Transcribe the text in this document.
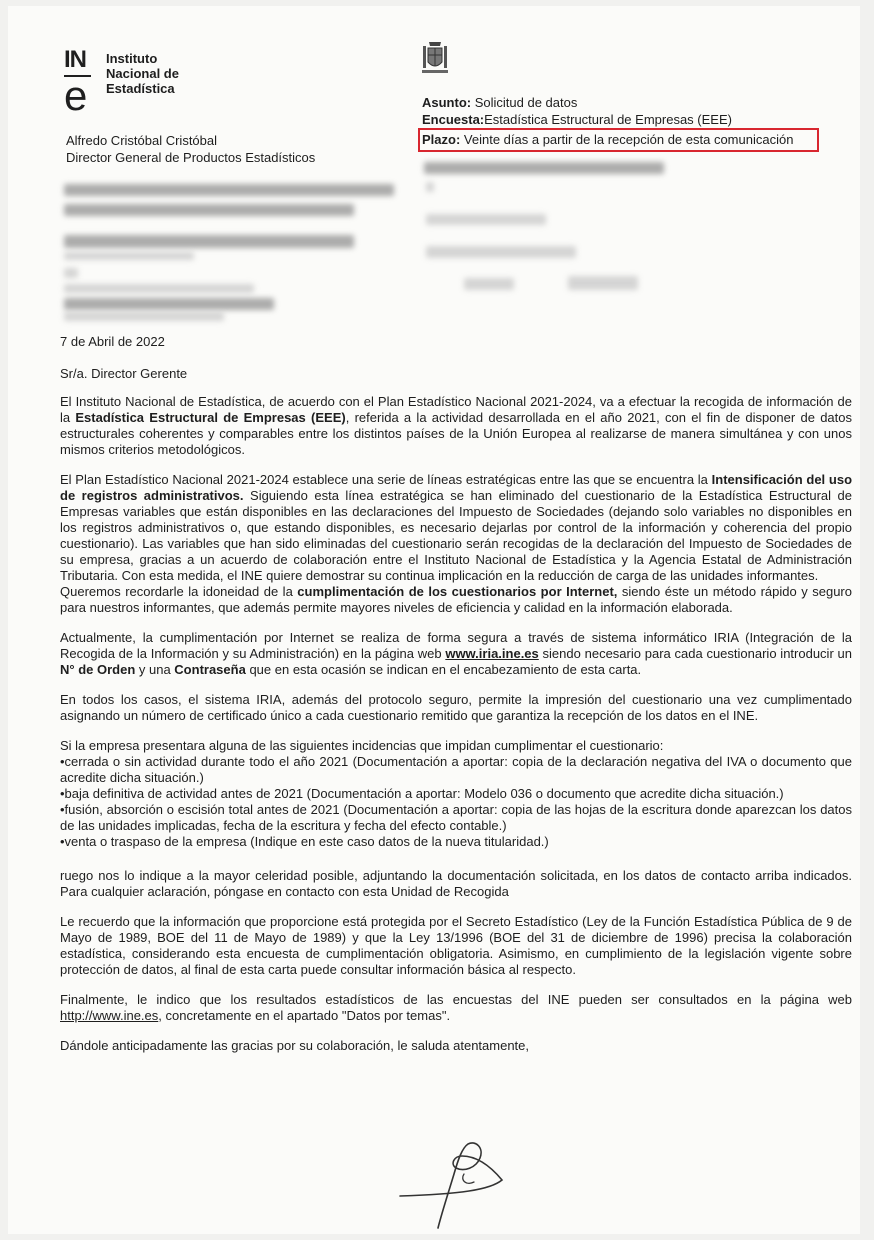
IN
e
Instituto
Nacional de
Estadística
Alfredo Cristóbal Cristóbal
Director General de Productos Estadísticos
Asunto: Solicitud de datos
Encuesta:Estadística Estructural de Empresas (EEE)
Plazo: Veinte días a partir de la recepción de esta comunicación
7 de Abril de 2022
Sr/a. Director Gerente

El Instituto Nacional de Estadística, de acuerdo con el Plan Estadístico Nacional 2021-2024, va a efectuar la recogida de información de la Estadística Estructural de Empresas (EEE), referida a la actividad desarrollada en el año 2021, con el fin de disponer de datos estructurales coherentes y comparables entre los distintos países de la Unión Europea al realizarse de manera simultánea y con unos mismos criterios metodológicos.

El Plan Estadístico Nacional 2021-2024 establece una serie de líneas estratégicas entre las que se encuentra la Intensificación del uso de registros administrativos. Siguiendo esta línea estratégica se han eliminado del cuestionario de la Estadística Estructural de Empresas variables que están disponibles en las declaraciones del Impuesto de Sociedades (dejando solo variables no disponibles en los registros administrativos o, que estando disponibles, es necesario dejarlas por control de la información y coherencia del propio cuestionario). Las variables que han sido eliminadas del cuestionario serán recogidas de la declaración del Impuesto de Sociedades de su empresa, gracias a un acuerdo de colaboración entre el Instituto Nacional de Estadística y la Agencia Estatal de Administración Tributaria. Con esta medida, el INE quiere demostrar su continua implicación en la reducción de carga de las unidades informantes.

Queremos recordarle la idoneidad de la cumplimentación de los cuestionarios por Internet, siendo éste un método rápido y seguro para nuestros informantes, que además permite mayores niveles de eficiencia y calidad en la información elaborada.

Actualmente, la cumplimentación por Internet se realiza de forma segura a través de sistema informático IRIA (Integración de la Recogida de la Información y su Administración) en la página web www.iria.ine.es siendo necesario para cada cuestionario introducir un N° de Orden y una Contraseña que en esta ocasión se indican en el encabezamiento de esta carta.

En todos los casos, el sistema IRIA, además del protocolo seguro, permite la impresión del cuestionario una vez cumplimentado asignando un número de certificado único a cada cuestionario remitido que garantiza la recepción de los datos en el INE.

Si la empresa presentara alguna de las siguientes incidencias que impidan cumplimentar el cuestionario:
•cerrada o sin actividad durante todo el año 2021 (Documentación a aportar: copia de la declaración negativa del IVA o documento que acredite dicha situación.)
•baja definitiva de actividad antes de 2021 (Documentación a aportar: Modelo 036 o documento que acredite dicha situación.)
•fusión, absorción o escisión total antes de 2021 (Documentación a aportar: copia de las hojas de la escritura donde aparezcan los datos de las unidades implicadas, fecha de la escritura y fecha del efecto contable.)
•venta o traspaso de la empresa (Indique en este caso datos de la nueva titularidad.)

ruego nos lo indique a la mayor celeridad posible, adjuntando la documentación solicitada, en los datos de contacto arriba indicados. Para cualquier aclaración, póngase en contacto con esta Unidad de Recogida

Le recuerdo que la información que proporcione está protegida por el Secreto Estadístico (Ley de la Función Estadística Pública de 9 de Mayo de 1989, BOE del 11 de Mayo de 1989) y que la Ley 13/1996 (BOE del 31 de diciembre de 1996) precisa la colaboración estadística, considerando esta encuesta de cumplimentación obligatoria. Asimismo, en cumplimiento de la legislación vigente sobre protección de datos, al final de esta carta puede consultar información básica al respecto.

Finalmente, le indico que los resultados estadísticos de las encuestas del INE pueden ser consultados en la página web http://www.ine.es, concretamente en el apartado "Datos por temas".

Dándole anticipadamente las gracias por su colaboración, le saluda atentamente,
